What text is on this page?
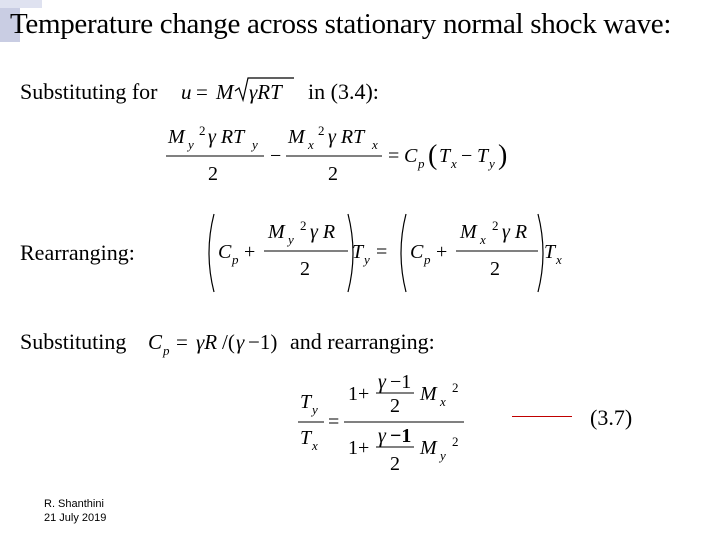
Temperature change across stationary normal shock wave:
Substituting for u = M γRT in (3.4):
M y
2 γ RT y
2
−
M x
2 γ RT x
2
= C p ( T x − T y )
Rearranging:	C p +
M y
2 γ R
2
T y = C p +
M x
2 γ R
2
T x
Substituting C p = γR /( γ −1) and rearranging:
T y
T x
=
1+
γ −1
2
M x
2
1+
γ −1
2
M y
2
(3.7)
R. Shanthini
21 July 2019
